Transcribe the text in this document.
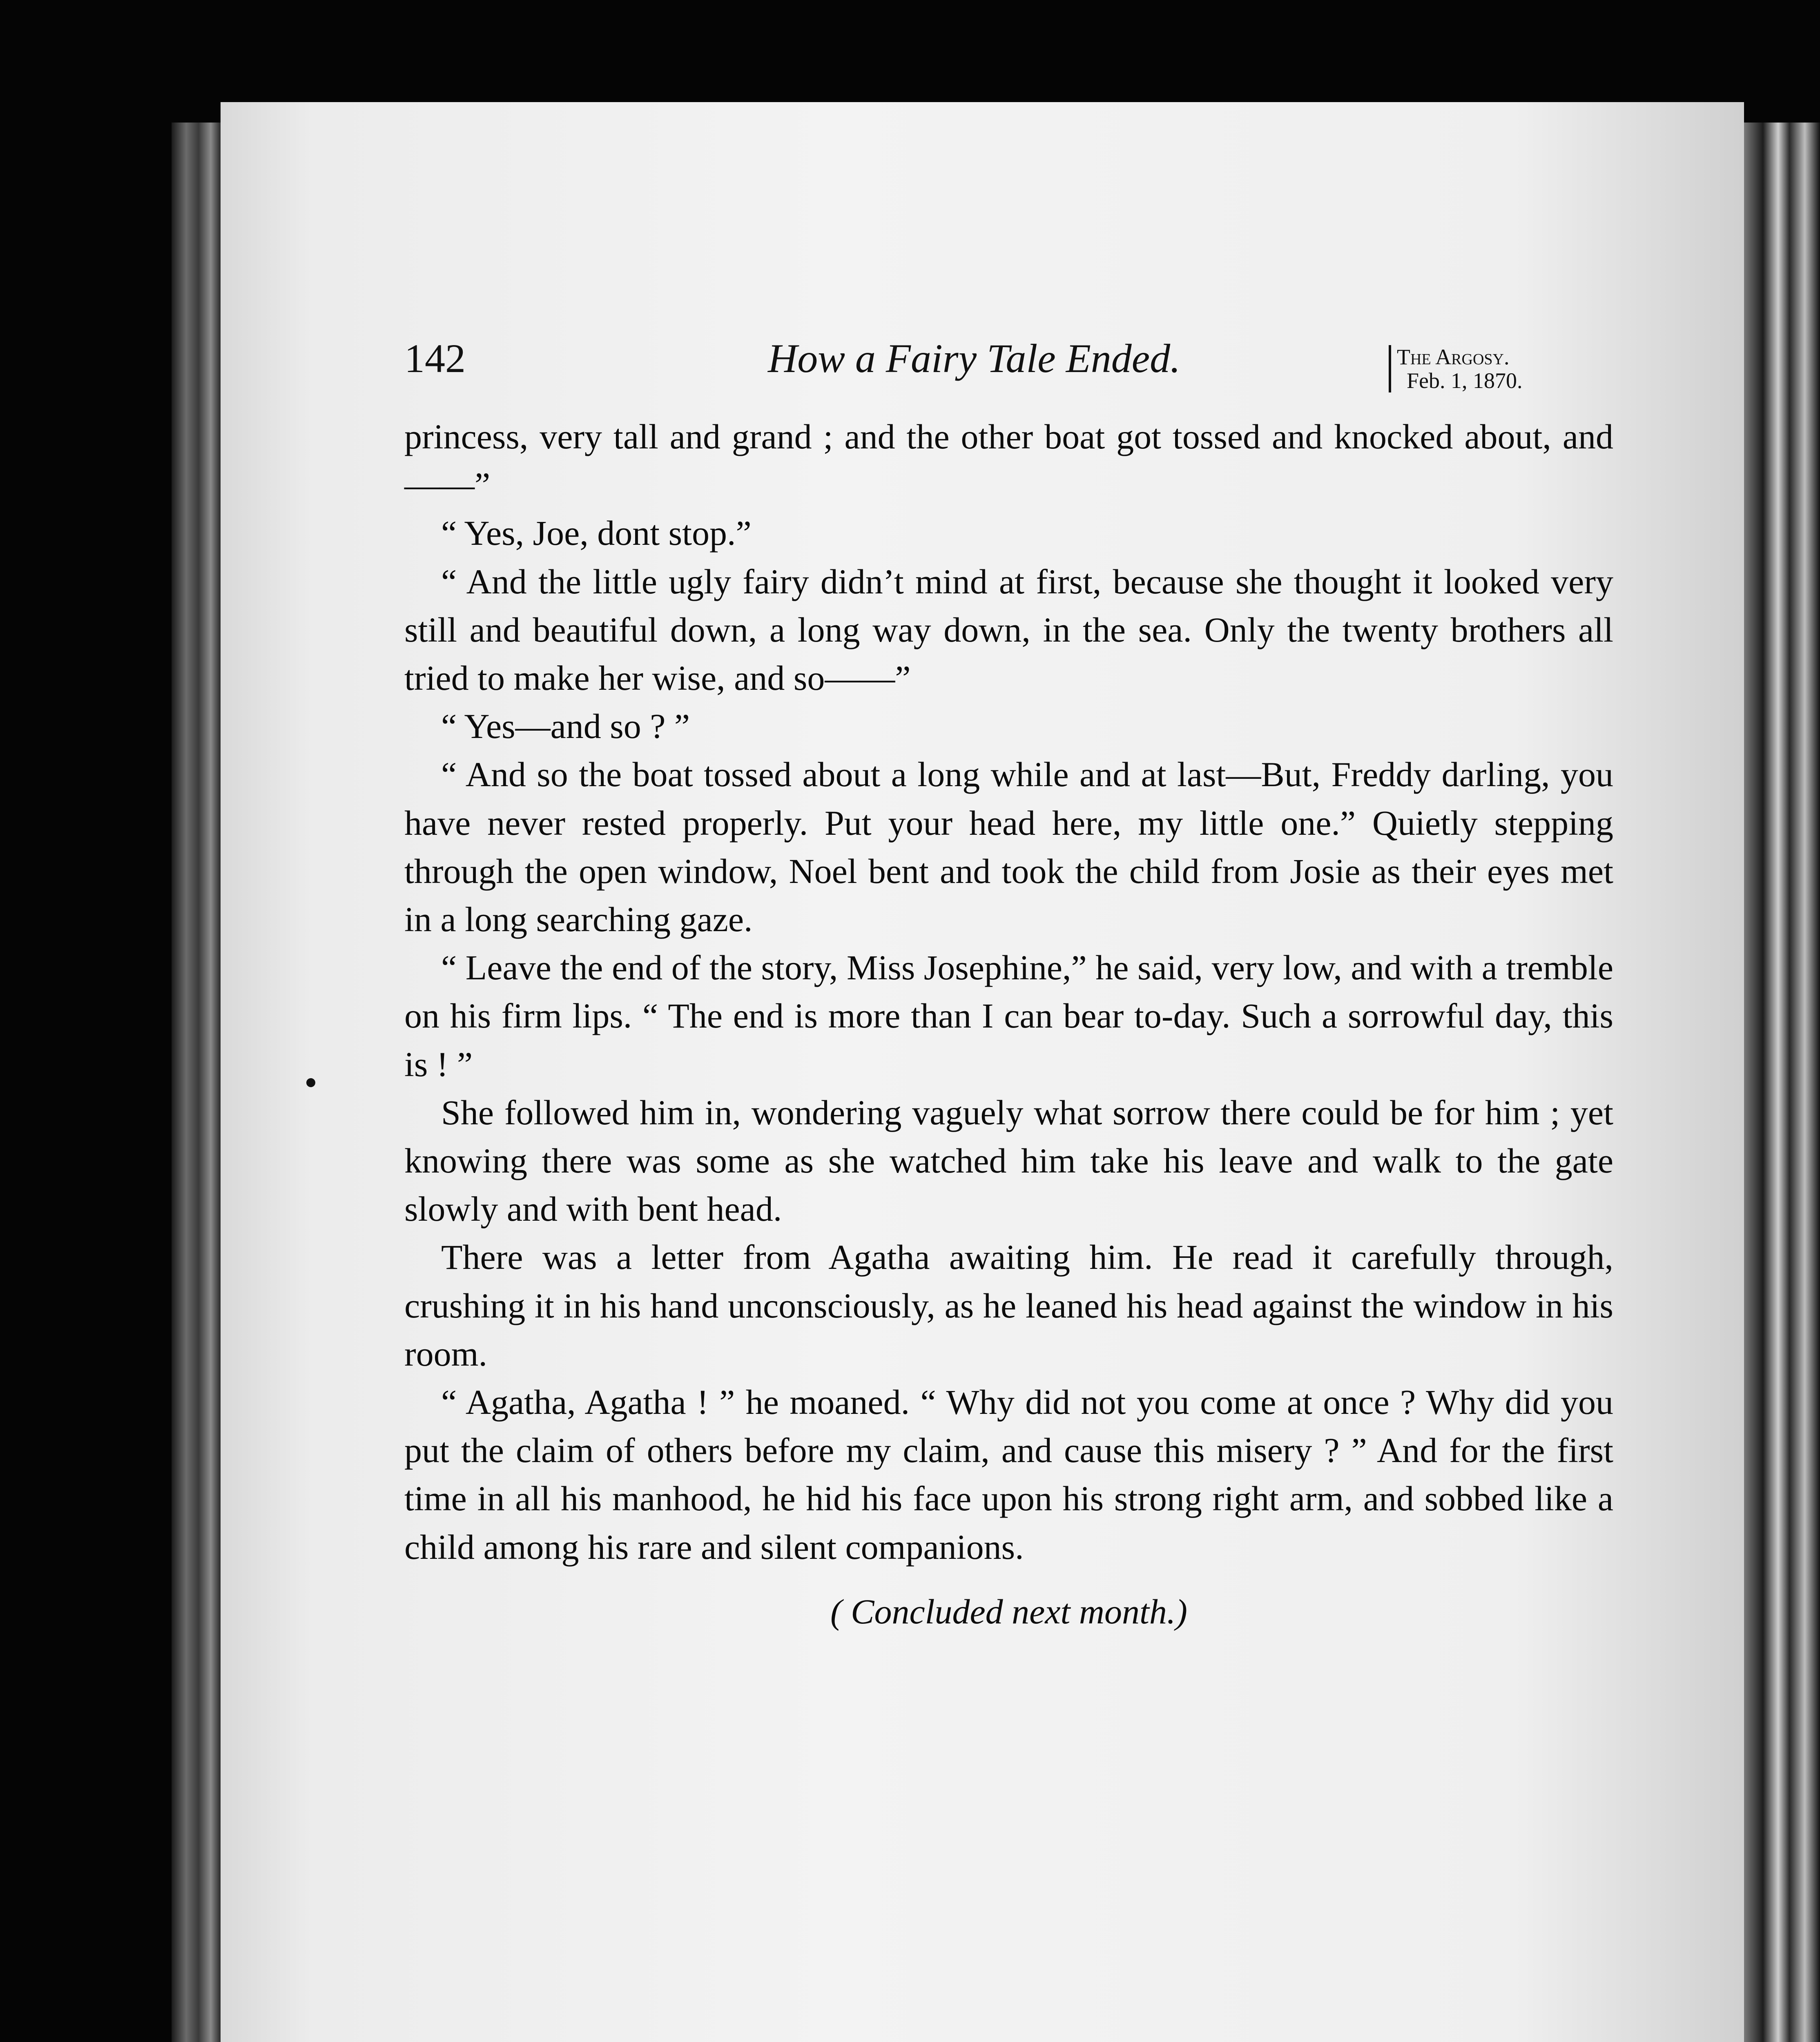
142	How a Fairy Tale Ended.	The Argosy.
Feb. 1, 1870.

princess, very tall and grand ; and the other boat got tossed and knocked about, and——”

“ Yes, Joe, dont stop.”

“ And the little ugly fairy didn’t mind at first, because she thought it looked very still and beautiful down, a long way down, in the sea. Only the twenty brothers all tried to make her wise, and so——”

“ Yes—and so ? ”

“ And so the boat tossed about a long while and at last—But, Freddy darling, you have never rested properly. Put your head here, my little one.” Quietly stepping through the open window, Noel bent and took the child from Josie as their eyes met in a long searching gaze.

“ Leave the end of the story, Miss Josephine,” he said, very low, and with a tremble on his firm lips. “ The end is more than I can bear to-day. Such a sorrowful day, this is ! ”

She followed him in, wondering vaguely what sorrow there could be for him ; yet knowing there was some as she watched him take his leave and walk to the gate slowly and with bent head.

There was a letter from Agatha awaiting him. He read it carefully through, crushing it in his hand unconsciously, as he leaned his head against the window in his room.

“ Agatha, Agatha ! ” he moaned. “ Why did not you come at once ? Why did you put the claim of others before my claim, and cause this misery ? ” And for the first time in all his manhood, he hid his face upon his strong right arm, and sobbed like a child among his rare and silent companions.

( Concluded next month.)
